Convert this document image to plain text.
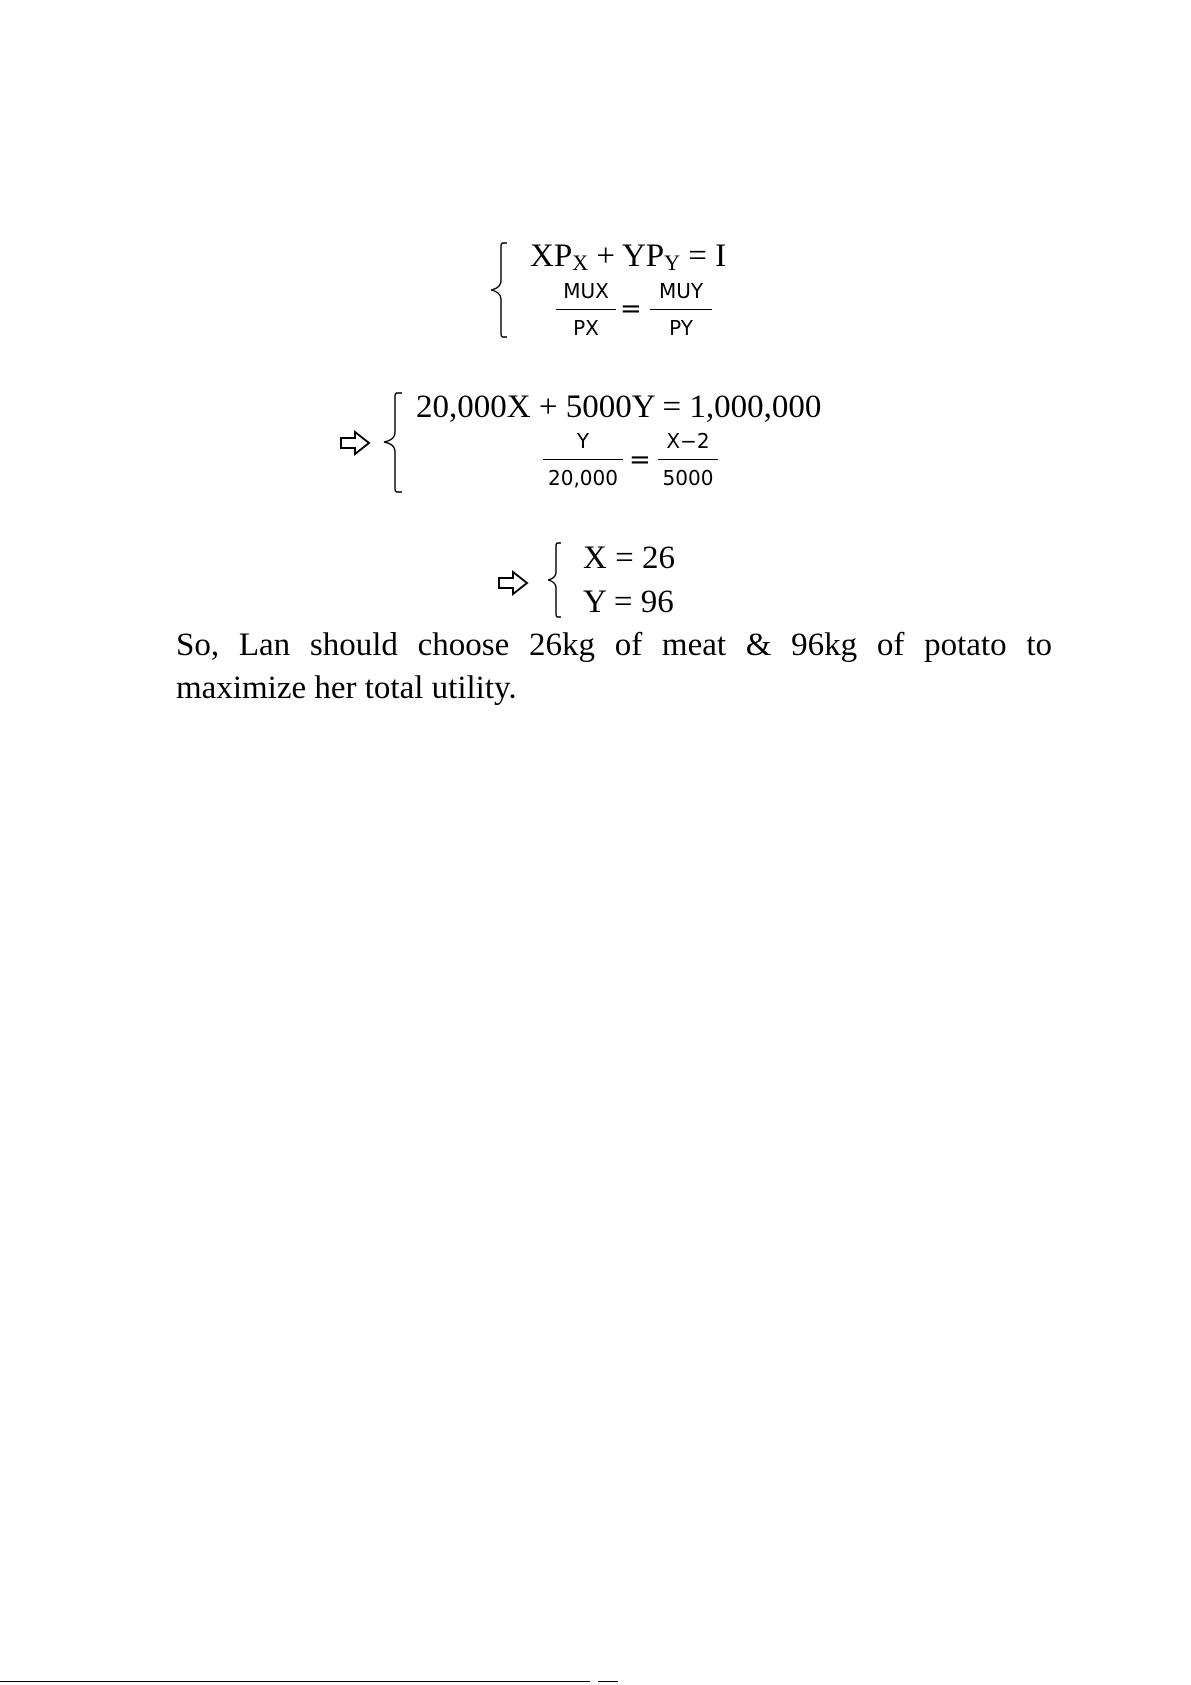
XPX + YPY = I
MUX
PX
=
MUY
PY
20,000X + 5000Y = 1,000,000
Y
20,000
=
X−2
5000
X = 26
Y = 96

So, Lan should choose 26kg of meat & 96kg of potato to maximize her total utility.
